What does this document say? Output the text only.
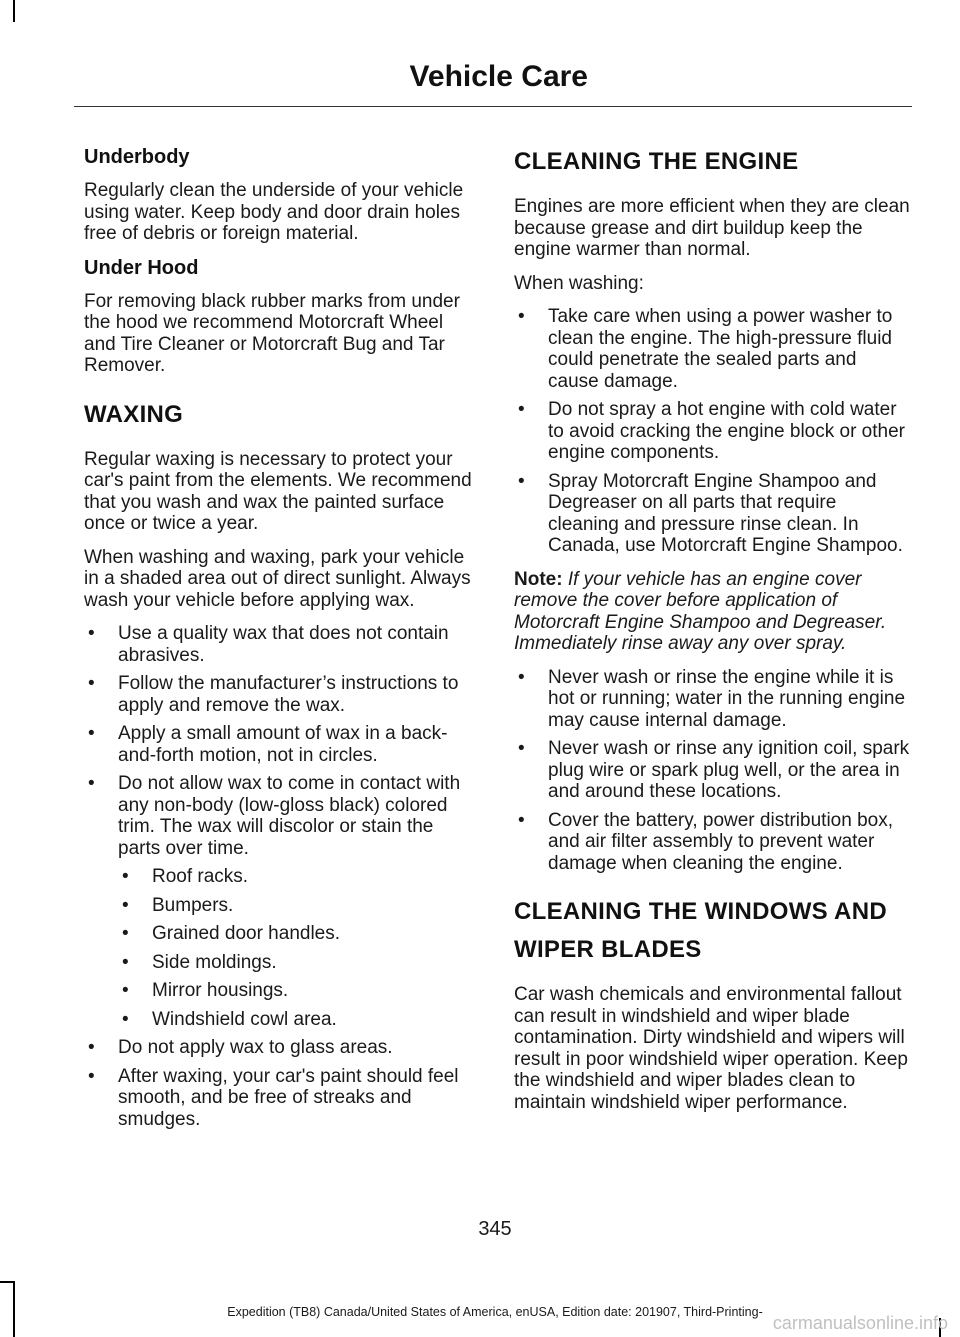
Vehicle Care
Underbody

Regularly clean the underside of your vehicle using water. Keep body and door drain holes free of debris or foreign material.

Under Hood

For removing black rubber marks from under the hood we recommend Motorcraft Wheel and Tire Cleaner or Motorcraft Bug and Tar Remover.

WAXING

Regular waxing is necessary to protect your car's paint from the elements. We recommend that you wash and wax the painted surface once or twice a year.

When washing and waxing, park your vehicle in a shaded area out of direct sunlight. Always wash your vehicle before applying wax.

• Use a quality wax that does not contain abrasives.
• Follow the manufacturer’s instructions to apply and remove the wax.
• Apply a small amount of wax in a back-and-forth motion, not in circles.
• Do not allow wax to come in contact with any non-body (low-gloss black) colored trim. The wax will discolor or stain the parts over time.
• Roof racks.
• Bumpers.
• Grained door handles.
• Side moldings.
• Mirror housings.
• Windshield cowl area.
• Do not apply wax to glass areas.
• After waxing, your car's paint should feel smooth, and be free of streaks and smudges.
CLEANING THE ENGINE

Engines are more efficient when they are clean because grease and dirt buildup keep the engine warmer than normal.

When washing:

• Take care when using a power washer to clean the engine. The high-pressure fluid could penetrate the sealed parts and cause damage.
• Do not spray a hot engine with cold water to avoid cracking the engine block or other engine components.
• Spray Motorcraft Engine Shampoo and Degreaser on all parts that require cleaning and pressure rinse clean. In Canada, use Motorcraft Engine Shampoo.

Note: If your vehicle has an engine cover remove the cover before application of Motorcraft Engine Shampoo and Degreaser. Immediately rinse away any over spray.

• Never wash or rinse the engine while it is hot or running; water in the running engine may cause internal damage.
• Never wash or rinse any ignition coil, spark plug wire or spark plug well, or the area in and around these locations.
• Cover the battery, power distribution box, and air filter assembly to prevent water damage when cleaning the engine.
CLEANING THE WINDOWS AND
WIPER BLADES

Car wash chemicals and environmental fallout can result in windshield and wiper blade contamination. Dirty windshield and wipers will result in poor windshield wiper operation. Keep the windshield and wiper blades clean to maintain windshield wiper performance.

345
Expedition (TB8) Canada/United States of America, enUSA, Edition date: 201907, Third-Printing-
carmanualsonline.info
